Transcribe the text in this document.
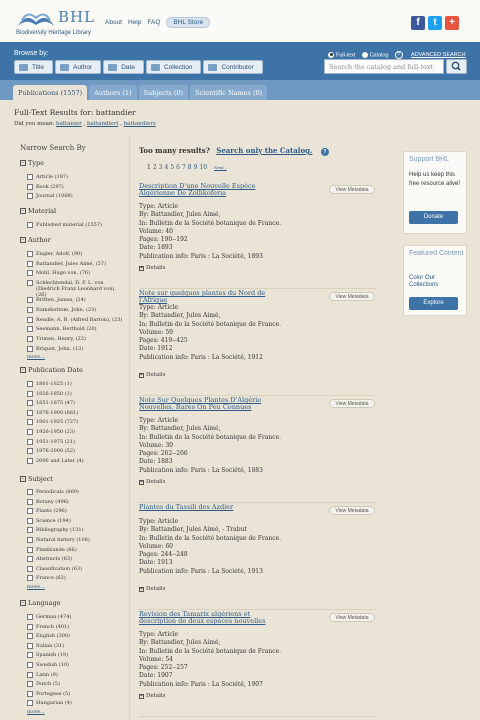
BHL
Biodiversity Heritage Library
About Help FAQ	BHL Store	f	t	+
Browse by:
Title	Author	Date	Collection	Contributor
Full-text	Catalog	?	ADVANCED SEARCH
Search the catalog and full-text
Publications (1557)	Authors (1)	Subjects (0)	Scientific Names (0)
Full-Text Results for: battandier
Did you mean: battanier , battandiert , battandiers
Narrow Search By
− Type
Article (187)
Book (297)
Journal (1068)
− Material
Published material (1557)
− Author
Engler, Adolf, (90)
Battandier, Jules Aimé, (57)
Mohl, Hugo von, (76)
Schlechtendal, D. F. L. von (Diedrich Franz Leonhard von), (26)
Britten, James, (24)
Ramsbottom, John, (23)
Rendle, A. B. (Alfred Barton), (23)
Seemann, Berthold (20)
Trimen, Henry, (22)
Briquet, John, (13)
more...
− Publication Date
1801-1825 (1)
1826-1850 (1)
1851-1875 (47)
1876-1900 (661)
1901-1925 (727)
1926-1950 (23)
1951-1975 (21)
1976-2000 (52)
2000 and Later (4)
− Subject
Periodicals (869)
Botany (496)
Plants (296)
Science (194)
Bibliography (131)
Natural history (108)
Plantkunde (86)
Abstracts (83)
Classification (63)
France (63)
more...
− Language
German (474)
French (401)
English (300)
Italian (31)
Spanish (19)
Swedish (10)
Latin (9)
Dutch (5)
Portugese (5)
Hungarian (4)
more...
Too many results? Search only the Catalog. ?
1 2 3 4 5 6 7 8 9 10 Next ›
Description D'une Nouvelle Espèce Algérienne De Zollikoferia	View Metadata
Type: Article
By: Battandier, Jules Aimé,
In: Bulletin de la Société botanique de France.
Volume: 40
Pages: 190--192
Date: 1893
Publication info: Paris : La Société, 1893
+ Details
Note sur quelques plantes du Nord de l'Afrique	View Metadata
Type: Article
By: Battandier, Jules Aimé,
In: Bulletin de la Société botanique de France.
Volume: 59
Pages: 419--425
Date: 1912
Publication info: Paris : La Société, 1912
+ Details
Note Sur Quelques Plantes D'Algérie Nouvelles, Rares On Peu Connues	View Metadata
Type: Article
By: Battandier, Jules Aimé,
In: Bulletin de la Société botanique de France.
Volume: 30
Pages: 262--266
Date: 1883
Publication info: Paris : La Société, 1883
+ Details
Plantes du Tassili des Azdjer	View Metadata
Type: Article
By: Battandier, Jules Aimé, - Trabut
In: Bulletin de la Société botanique de France.
Volume: 60
Pages: 244--248
Date: 1913
Publication info: Paris : La Société, 1913
+ Details
Revision des Tamarix algériens et description de deux espèces nouvelles	View Metadata
Type: Article
By: Battandier, Jules Aimé,
In: Bulletin de la Société botanique de France.
Volume: 54
Pages: 252--257
Date: 1907
Publication info: Paris : La Société, 1907
+ Details
Support BHL
Help us keep this free resource alive!
Donate
Featured Content
Color Our Collections
Explore
